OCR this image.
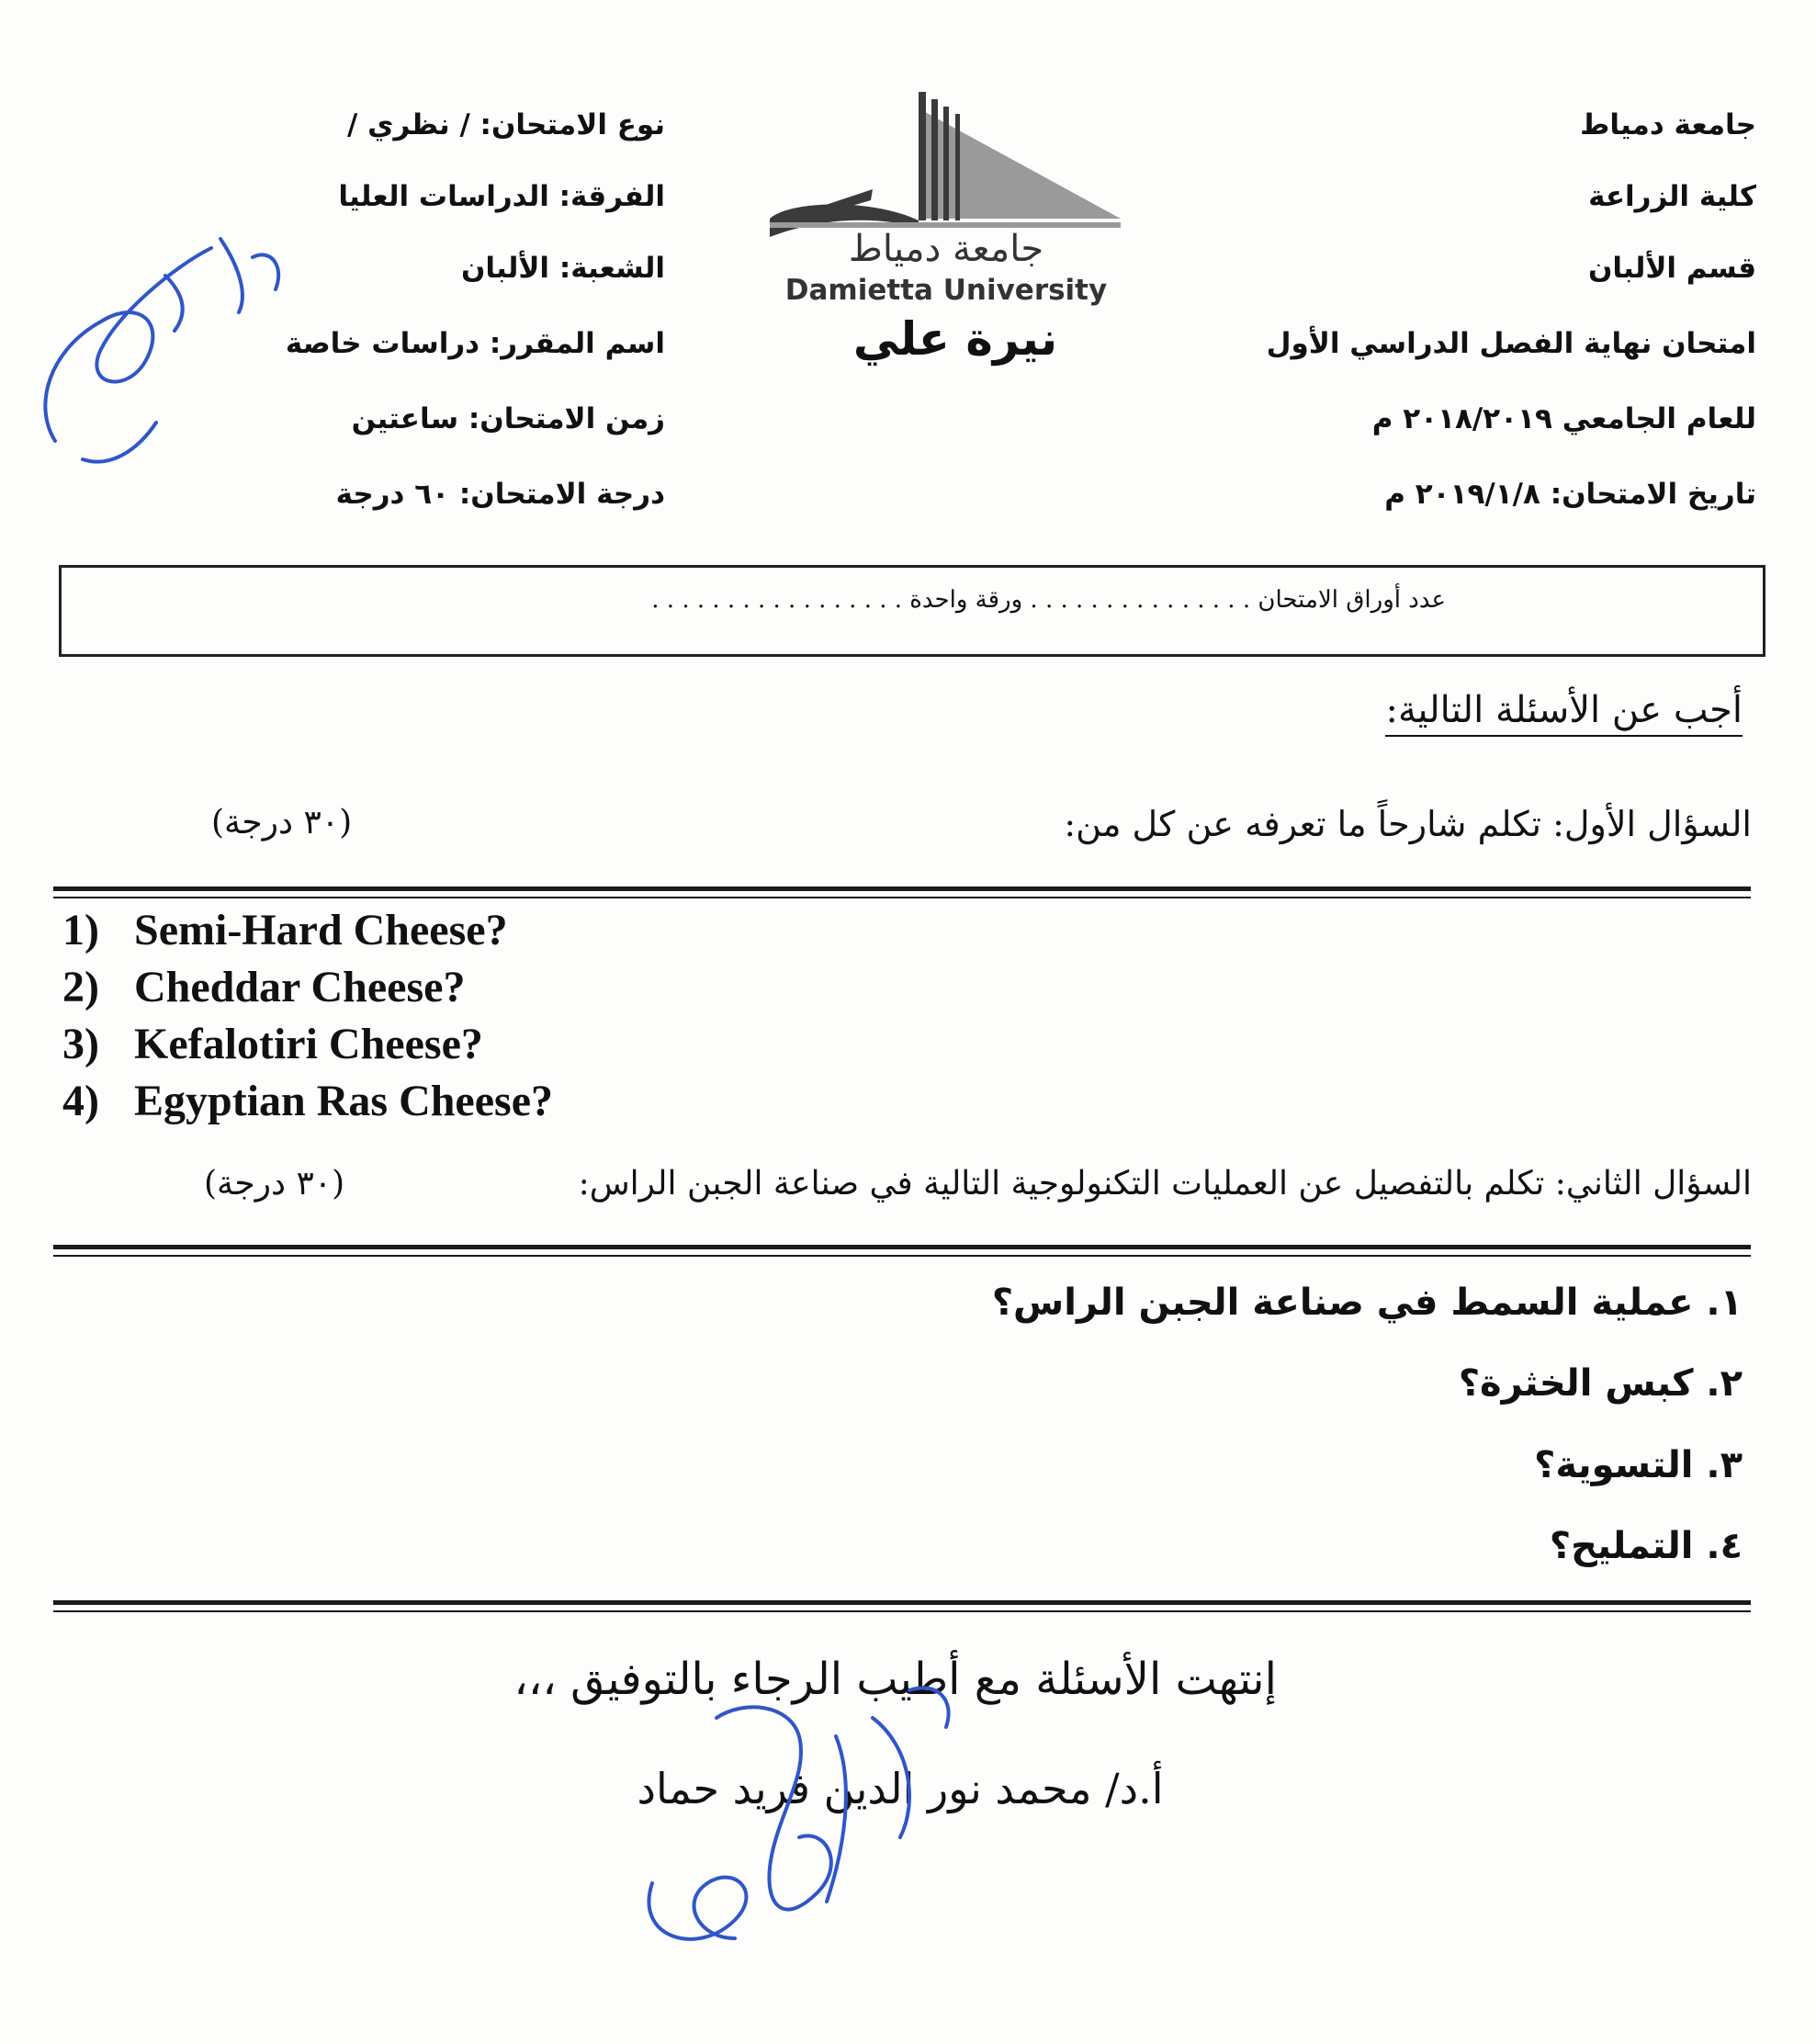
جامعة دمياط
كلية الزراعة
قسم الألبان
امتحان نهاية الفصل الدراسي الأول
للعام الجامعي ٢٠١٨/٢٠١٩ م
تاريخ الامتحان: ٢٠١٩/١/٨ م
نوع الامتحان: / نظري /
الفرقة: الدراسات العليا
الشعبة: الألبان
اسم المقرر: دراسات خاصة
زمن الامتحان: ساعتين
درجة الامتحان: ٦٠ درجة
جامعة دمياط
Damietta University
نيرة علي
عدد أوراق الامتحان . . . . . . . . . . . . . . . ورقة واحدة . . . . . . . . . . . . . . . . .
أجب عن الأسئلة التالية:
السؤال الأول: تكلم شارحاً ما تعرفه عن كل من:
(٣٠ درجة)
1) Semi-Hard Cheese?
2) Cheddar Cheese?
3) Kefalotiri Cheese?
4) Egyptian Ras Cheese?
السؤال الثاني: تكلم بالتفصيل عن العمليات التكنولوجية التالية في صناعة الجبن الراس:
(٣٠ درجة)
١. عملية السمط في صناعة الجبن الراس؟
٢. كبس الخثرة؟
٣. التسوية؟
٤. التمليح؟
إنتهت الأسئلة مع أطيب الرجاء بالتوفيق ،،،
أ.د/ محمد نور الدين فريد حماد
